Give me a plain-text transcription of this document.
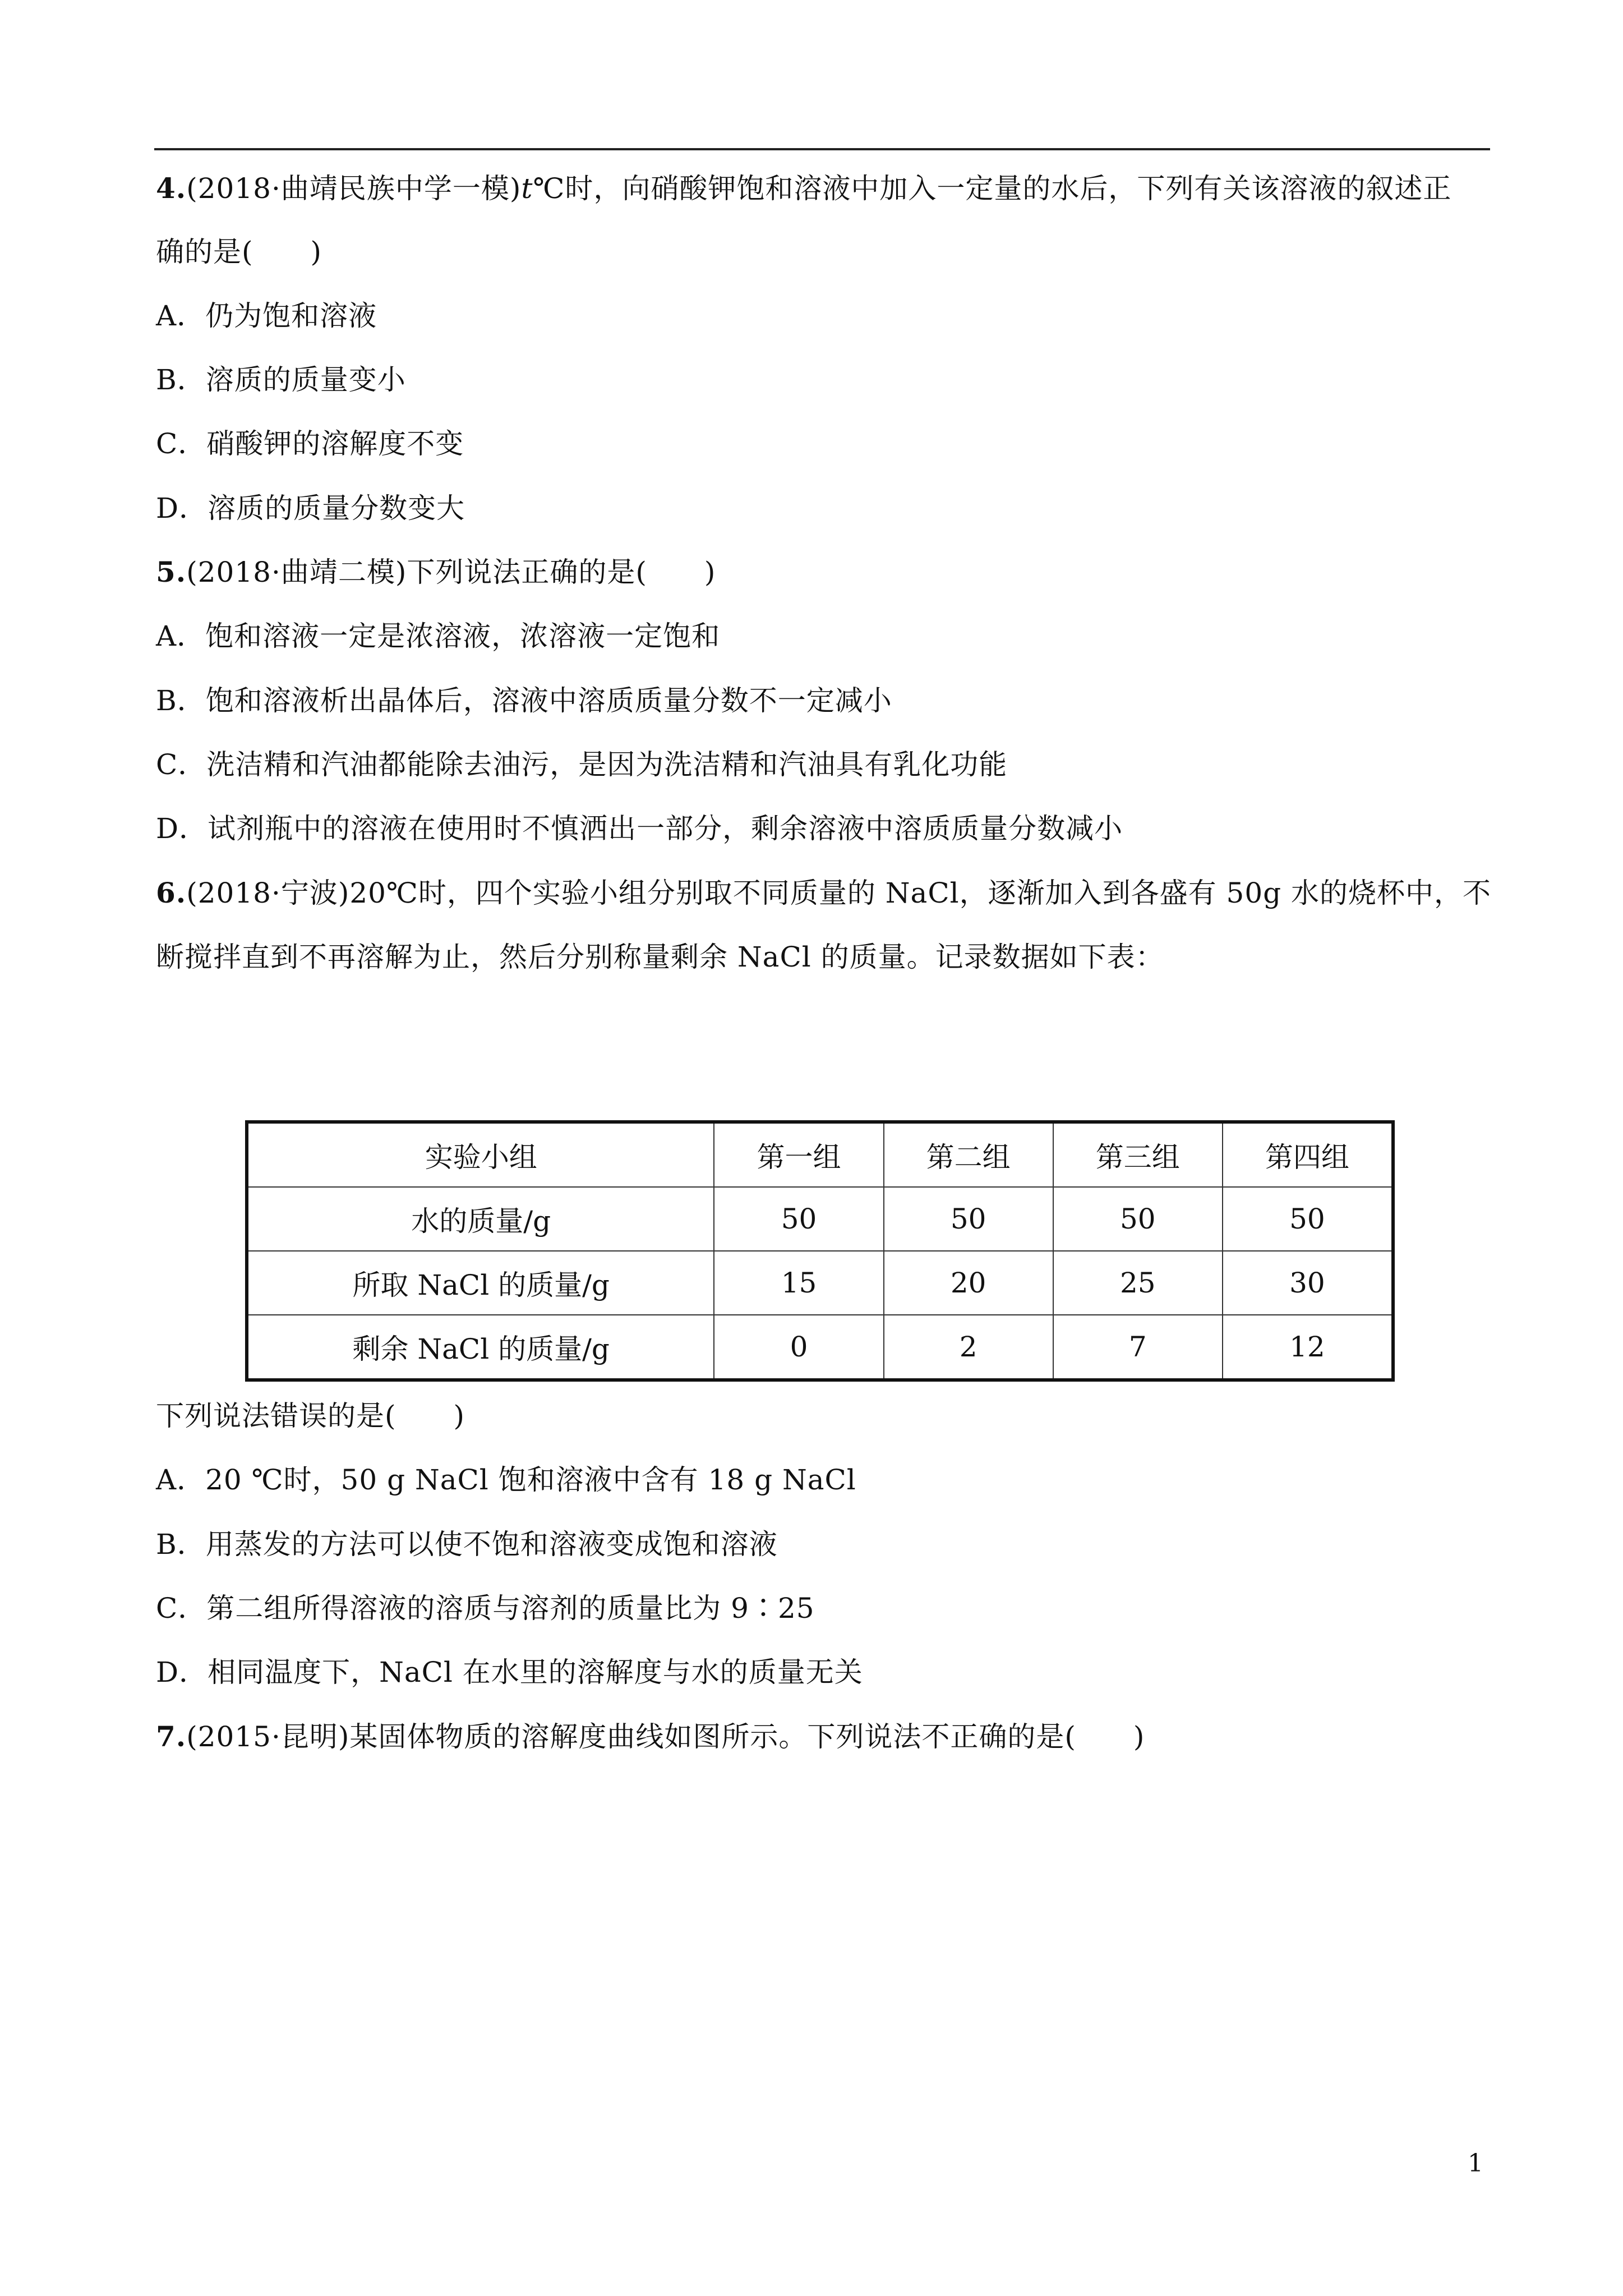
4.(2018·曲靖民族中学一模)t℃时，向硝酸钾饱和溶液中加入一定量的水后，下列有关该溶液的叙述正
确的是(　　)
A．仍为饱和溶液
B．溶质的质量变小
C．硝酸钾的溶解度不变
D．溶质的质量分数变大
5.(2018·曲靖二模)下列说法正确的是(　　)
A．饱和溶液一定是浓溶液，浓溶液一定饱和
B．饱和溶液析出晶体后，溶液中溶质质量分数不一定减小
C．洗洁精和汽油都能除去油污，是因为洗洁精和汽油具有乳化功能
D．试剂瓶中的溶液在使用时不慎洒出一部分，剩余溶液中溶质质量分数减小
6.(2018·宁波)20℃时，四个实验小组分别取不同质量的 NaCl，逐渐加入到各盛有 50g 水的烧杯中，不
断搅拌直到不再溶解为止，然后分别称量剩余 NaCl 的质量。记录数据如下表：
实验小组	第一组	第二组	第三组	第四组
水的质量/g	50	50	50	50
所取 NaCl 的质量/g	15	20	25	30
剩余 NaCl 的质量/g	0	2	7	12
下列说法错误的是(　　)
A．20 ℃时，50 g NaCl 饱和溶液中含有 18 g NaCl
B．用蒸发的方法可以使不饱和溶液变成饱和溶液
C．第二组所得溶液的溶质与溶剂的质量比为 9∶25
D．相同温度下，NaCl 在水里的溶解度与水的质量无关
7.(2015·昆明)某固体物质的溶解度曲线如图所示。下列说法不正确的是(　　)
1
